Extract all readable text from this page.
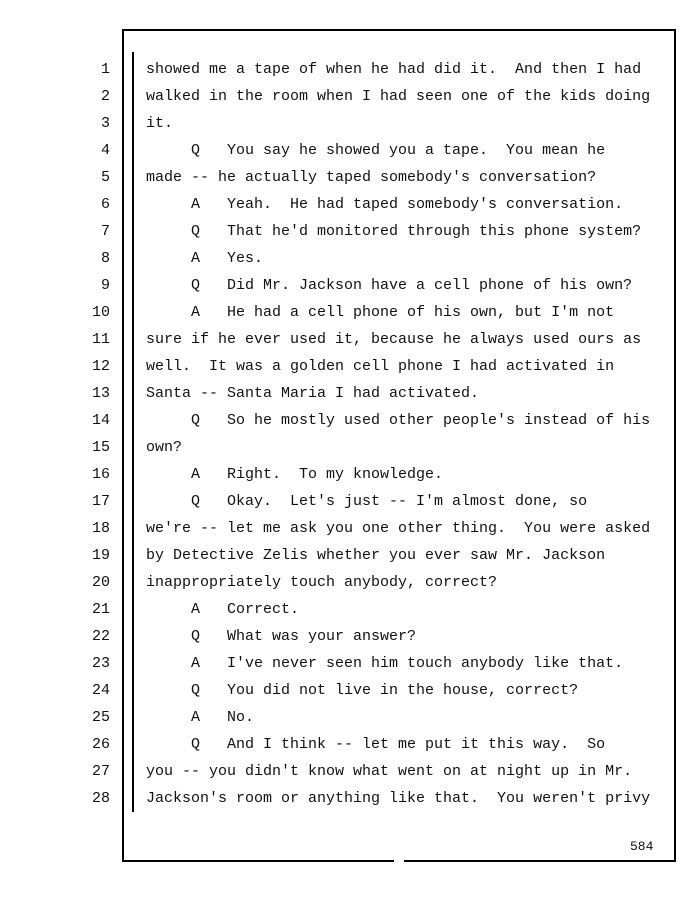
1
2
3
4
5
6
7
8
9
10
11
12
13
14
15
16
17
18
19
20
21
22
23
24
25
26
27
28
showed me a tape of when he had did it.  And then I had
walked in the room when I had seen one of the kids doing
it.
Q   You say he showed you a tape.  You mean he
made -- he actually taped somebody's conversation?
A   Yeah.  He had taped somebody's conversation.
Q   That he'd monitored through this phone system?
A   Yes.
Q   Did Mr. Jackson have a cell phone of his own?
A   He had a cell phone of his own, but I'm not
sure if he ever used it, because he always used ours as
well.  It was a golden cell phone I had activated in
Santa -- Santa Maria I had activated.
Q   So he mostly used other people's instead of his
own?
A   Right.  To my knowledge.
Q   Okay.  Let's just -- I'm almost done, so
we're -- let me ask you one other thing.  You were asked
by Detective Zelis whether you ever saw Mr. Jackson
inappropriately touch anybody, correct?
A   Correct.
Q   What was your answer?
A   I've never seen him touch anybody like that.
Q   You did not live in the house, correct?
A   No.
Q   And I think -- let me put it this way.  So
you -- you didn't know what went on at night up in Mr.
Jackson's room or anything like that.  You weren't privy
584
